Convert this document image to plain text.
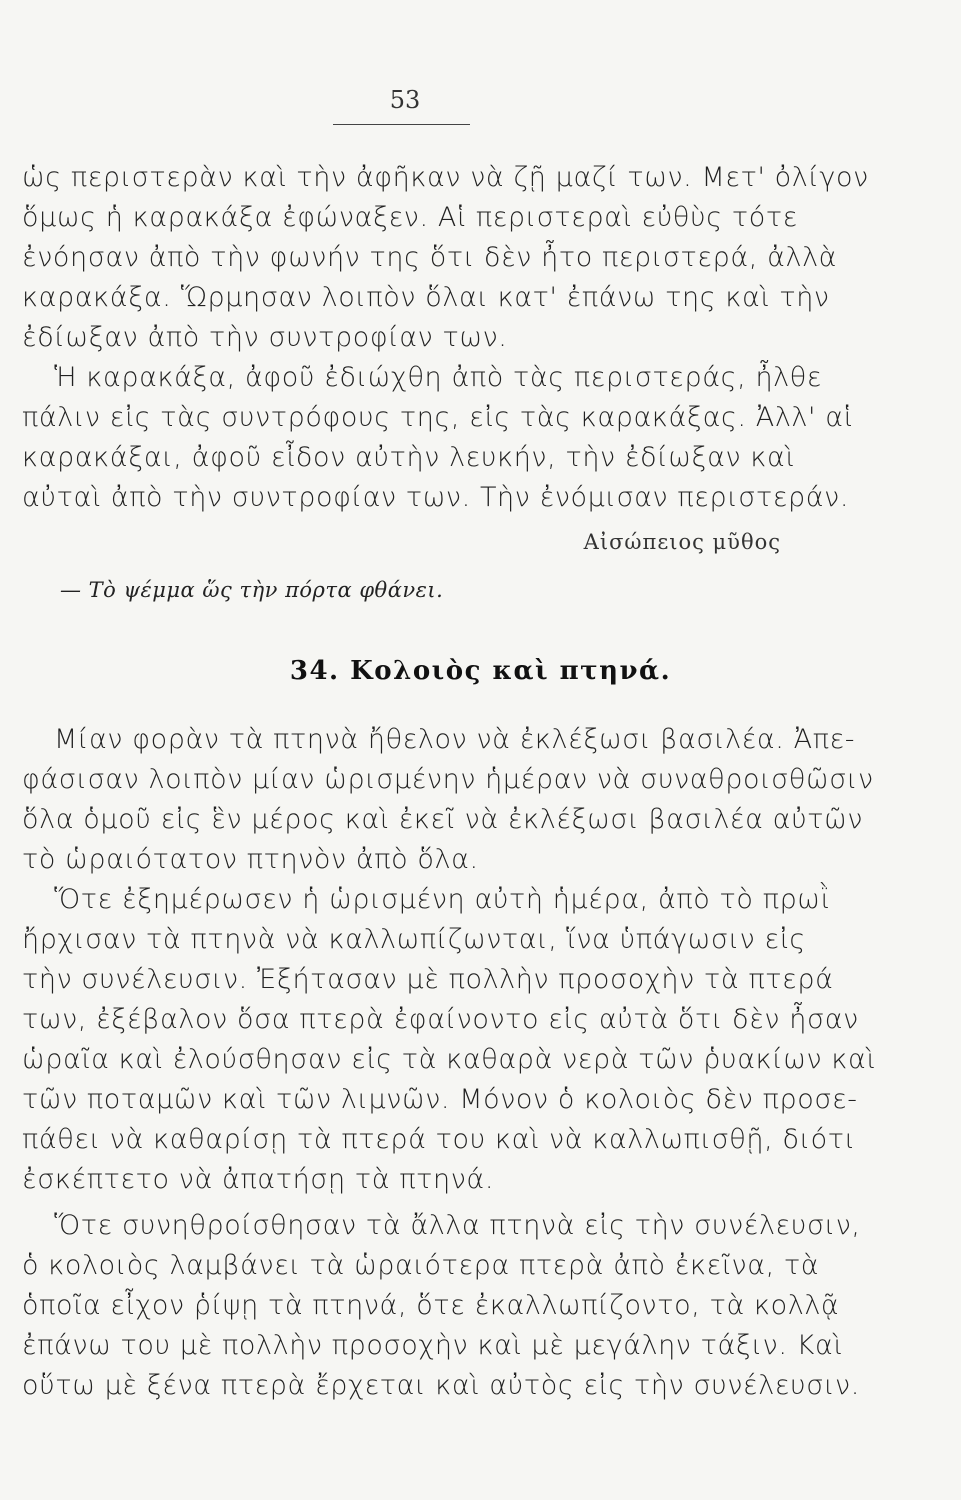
53
ὡς περιστερὰν καὶ τὴν ἀφῆκαν νὰ ζῇ μαζί των. Μετ' ὀλίγον
ὅμως ἡ καρακάξα ἐφώναξεν. Αἱ περιστεραὶ εὐθὺς τότε
ἐνόησαν ἀπὸ τὴν φωνήν της ὅτι δὲν ἦτο περιστερά, ἀλλὰ
καρακάξα. Ὥρμησαν λοιπὸν ὅλαι κατ' ἐπάνω της καὶ τὴν
ἐδίωξαν ἀπὸ τὴν συντροφίαν των.
Ἡ καρακάξα, ἀφοῦ ἐδιώχθη ἀπὸ τὰς περιστεράς, ἦλθε
πάλιν εἰς τὰς συντρόφους της, εἰς τὰς καρακάξας. Ἀλλ' αἱ
καρακάξαι, ἀφοῦ εἶδον αὐτὴν λευκήν, τὴν ἐδίωξαν καὶ
αὐταὶ ἀπὸ τὴν συντροφίαν των. Τὴν ἐνόμισαν περιστεράν.
Αἰσώπειος μῦθος
— Τὸ ψέμμα ὥς τὴν πόρτα φθάνει.
34. Κολοιὸς καὶ πτηνά.
Μίαν φορὰν τὰ πτηνὰ ἤθελον νὰ ἐκλέξωσι βασιλέα. Ἀπε-
φάσισαν λοιπὸν μίαν ὡρισμένην ἡμέραν νὰ συναθροισθῶσιν
ὅλα ὁμοῦ εἰς ἓν μέρος καὶ ἐκεῖ νὰ ἐκλέξωσι βασιλέα αὐτῶν
τὸ ὡραιότατον πτηνὸν ἀπὸ ὅλα.
Ὅτε ἐξημέρωσεν ἡ ὡρισμένη αὐτὴ ἡμέρα, ἀπὸ τὸ πρωῒ
ἤρχισαν τὰ πτηνὰ νὰ καλλωπίζωνται, ἵνα ὑπάγωσιν εἰς
τὴν συνέλευσιν. Ἐξήτασαν μὲ πολλὴν προσοχὴν τὰ πτερά
των, ἐξέβαλον ὅσα πτερὰ ἐφαίνοντο εἰς αὐτὰ ὅτι δὲν ἦσαν
ὡραῖα καὶ ἐλούσθησαν εἰς τὰ καθαρὰ νερὰ τῶν ῥυακίων καὶ
τῶν ποταμῶν καὶ τῶν λιμνῶν. Μόνον ὁ κολοιὸς δὲν προσε-
πάθει νὰ καθαρίσῃ τὰ πτερά του καὶ νὰ καλλωπισθῇ, διότι
ἐσκέπτετο νὰ ἀπατήσῃ τὰ πτηνά.
Ὅτε συνηθροίσθησαν τὰ ἄλλα πτηνὰ εἰς τὴν συνέλευσιν,
ὁ κολοιὸς λαμβάνει τὰ ὡραιότερα πτερὰ ἀπὸ ἐκεῖνα, τὰ
ὁποῖα εἶχον ῥίψῃ τὰ πτηνά, ὅτε ἐκαλλωπίζοντο, τὰ κολλᾷ
ἐπάνω του μὲ πολλὴν προσοχὴν καὶ μὲ μεγάλην τάξιν. Καὶ
οὕτω μὲ ξένα πτερὰ ἔρχεται καὶ αὐτὸς εἰς τὴν συνέλευσιν.
